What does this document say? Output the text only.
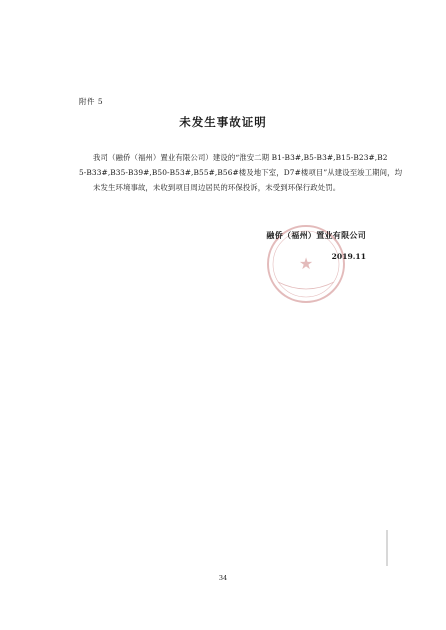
附件 5
未发生事故证明
我司（融侨（福州）置业有限公司）建设的“淮安二期 B1-B3#,B5-B3#,B15-B23#,B2
5-B33#,B35-B39#,B50-B53#,B55#,B56#楼及地下室，D7#楼项目”从建设至竣工期间，均
未发生环境事故，未收到项目周边居民的环保投诉，未受到环保行政处罚。
★
融侨（福州）置业有限公司
2019.11
34
